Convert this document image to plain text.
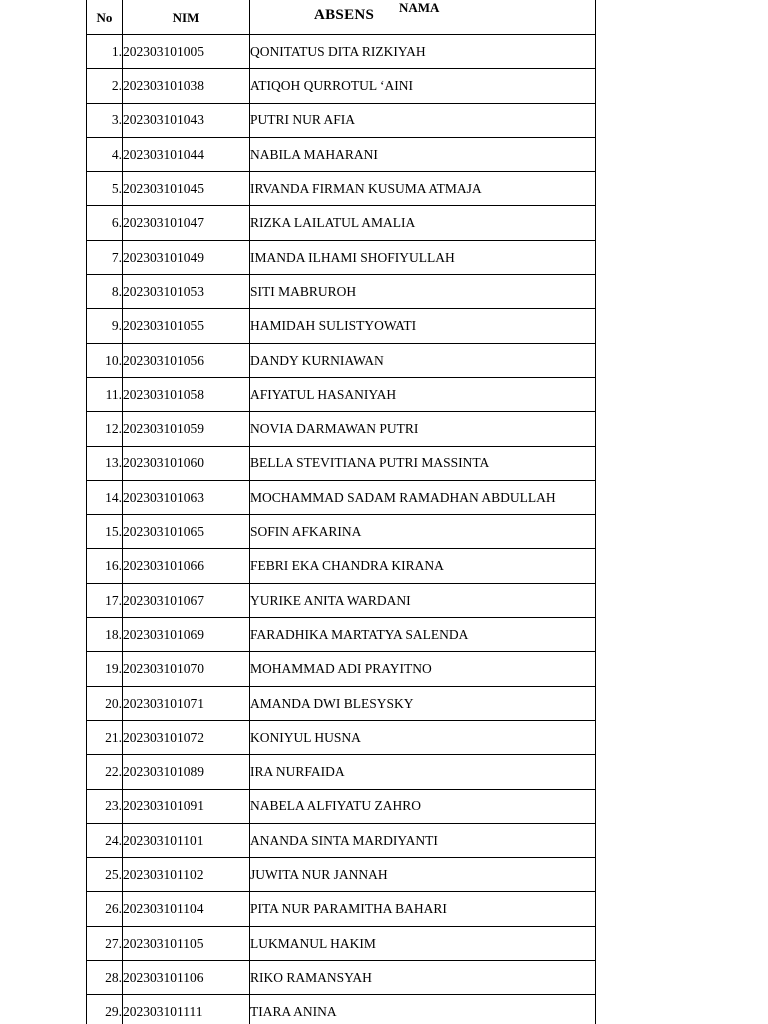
No	NIM	ABSENS NAMA

1.	202303101005	QONITATUS DITA RIZKIYAH
2.	202303101038	ATIQOH QURROTUL ‘AINI
3.	202303101043	PUTRI NUR AFIA
4.	202303101044	NABILA MAHARANI
5.	202303101045	IRVANDA FIRMAN KUSUMA ATMAJA
6.	202303101047	RIZKA LAILATUL AMALIA
7.	202303101049	IMANDA ILHAMI SHOFIYULLAH
8.	202303101053	SITI MABRUROH
9.	202303101055	HAMIDAH SULISTYOWATI
10.	202303101056	DANDY KURNIAWAN
11.	202303101058	AFIYATUL HASANIYAH
12.	202303101059	NOVIA DARMAWAN PUTRI
13.	202303101060	BELLA STEVITIANA PUTRI MASSINTA
14.	202303101063	MOCHAMMAD SADAM RAMADHAN ABDULLAH
15.	202303101065	SOFIN AFKARINA
16.	202303101066	FEBRI EKA CHANDRA KIRANA
17.	202303101067	YURIKE ANITA WARDANI
18.	202303101069	FARADHIKA MARTATYA SALENDA
19.	202303101070	MOHAMMAD ADI PRAYITNO
20.	202303101071	AMANDA DWI BLESYSKY
21.	202303101072	KONIYUL HUSNA
22.	202303101089	IRA NURFAIDA
23.	202303101091	NABELA ALFIYATU ZAHRO
24.	202303101101	ANANDA SINTA MARDIYANTI
25.	202303101102	JUWITA NUR JANNAH
26.	202303101104	PITA NUR PARAMITHA BAHARI
27.	202303101105	LUKMANUL HAKIM
28.	202303101106	RIKO RAMANSYAH
29.	202303101111	TIARA ANINA
